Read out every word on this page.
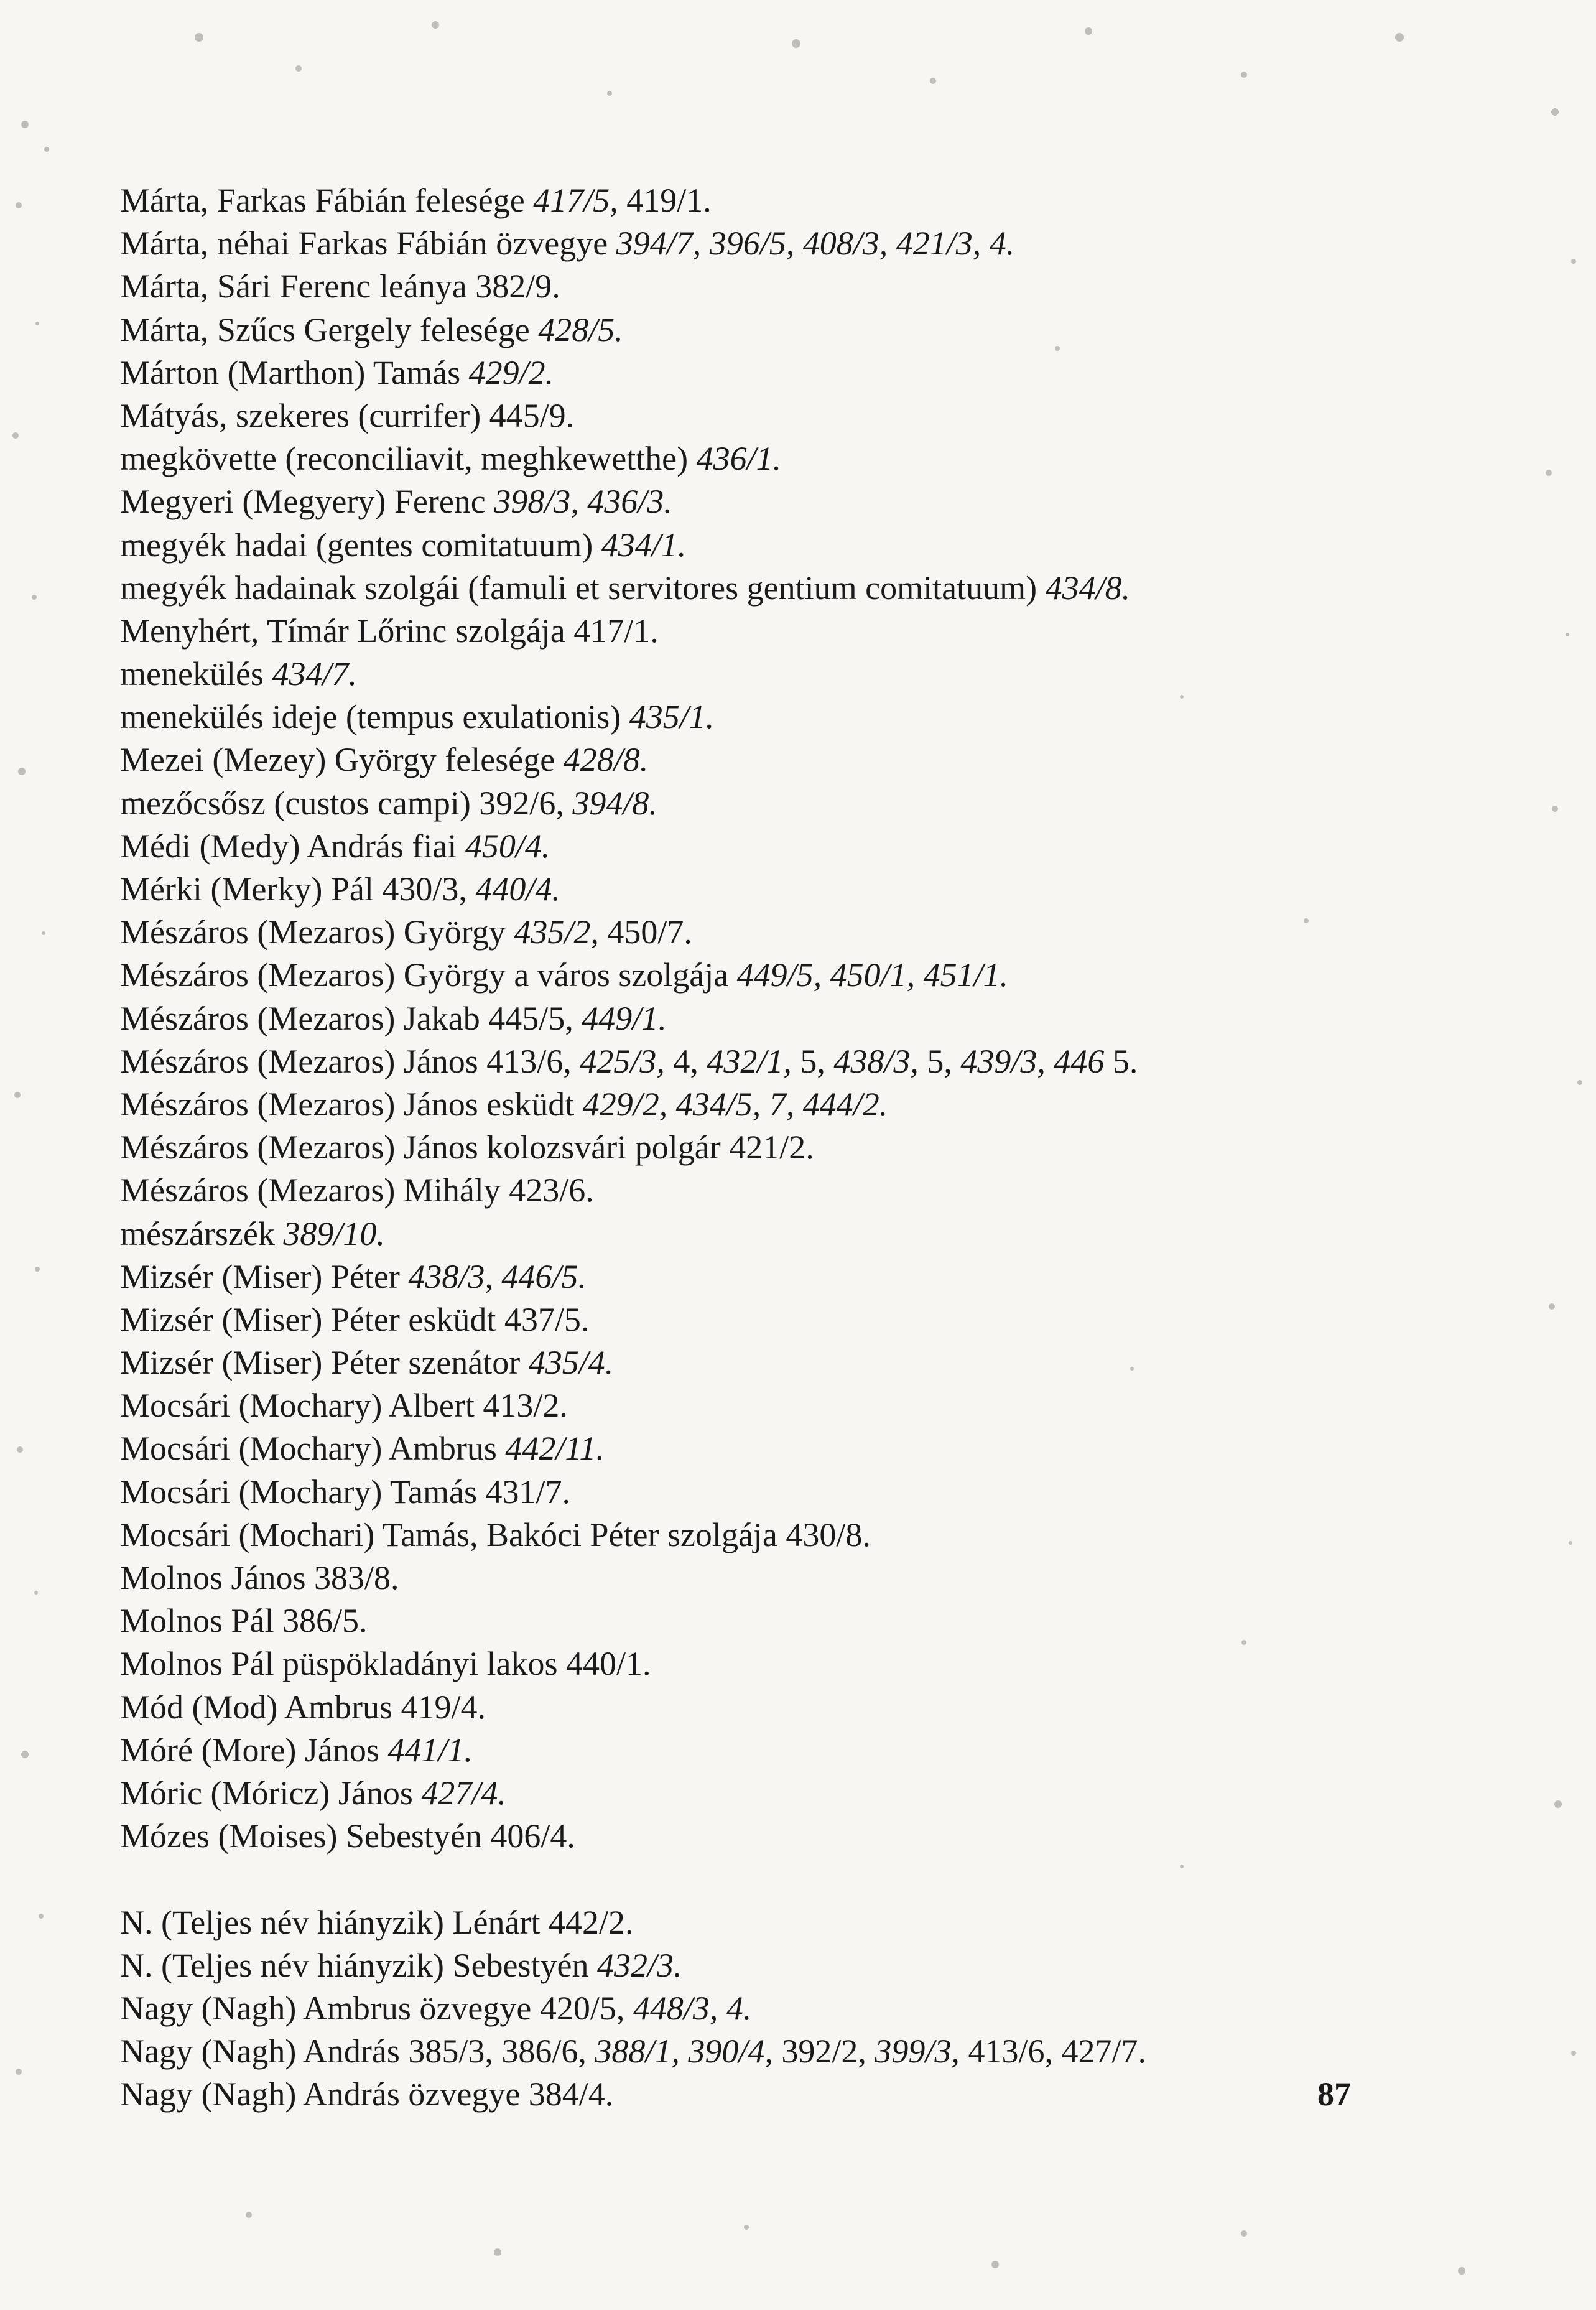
Márta, Farkas Fábián felesége 417/5, 419/1.
Márta, néhai Farkas Fábián özvegye 394/7, 396/5, 408/3, 421/3, 4.
Márta, Sári Ferenc leánya 382/9.
Márta, Szűcs Gergely felesége 428/5.
Márton (Marthon) Tamás 429/2.
Mátyás, szekeres (currifer) 445/9.
megkövette (reconciliavit, meghkewetthe) 436/1.
Megyeri (Megyery) Ferenc 398/3, 436/3.
megyék hadai (gentes comitatuum) 434/1.
megyék hadainak szolgái (famuli et servitores gentium comitatuum) 434/8.
Menyhért, Tímár Lőrinc szolgája 417/1.
menekülés 434/7.
menekülés ideje (tempus exulationis) 435/1.
Mezei (Mezey) György felesége 428/8.
mezőcsősz (custos campi) 392/6, 394/8.
Médi (Medy) András fiai 450/4.
Mérki (Merky) Pál 430/3, 440/4.
Mészáros (Mezaros) György 435/2, 450/7.
Mészáros (Mezaros) György a város szolgája 449/5, 450/1, 451/1.
Mészáros (Mezaros) Jakab 445/5, 449/1.
Mészáros (Mezaros) János 413/6, 425/3, 4, 432/1, 5, 438/3, 5, 439/3, 446 5.
Mészáros (Mezaros) János esküdt 429/2, 434/5, 7, 444/2.
Mészáros (Mezaros) János kolozsvári polgár 421/2.
Mészáros (Mezaros) Mihály 423/6.
mészárszék 389/10.
Mizsér (Miser) Péter 438/3, 446/5.
Mizsér (Miser) Péter esküdt 437/5.
Mizsér (Miser) Péter szenátor 435/4.
Mocsári (Mochary) Albert 413/2.
Mocsári (Mochary) Ambrus 442/11.
Mocsári (Mochary) Tamás 431/7.
Mocsári (Mochari) Tamás, Bakóci Péter szolgája 430/8.
Molnos János 383/8.
Molnos Pál 386/5.
Molnos Pál püspökladányi lakos 440/1.
Mód (Mod) Ambrus 419/4.
Móré (More) János 441/1.
Móric (Móricz) János 427/4.
Mózes (Moises) Sebestyén 406/4.
N. (Teljes név hiányzik) Lénárt 442/2.
N. (Teljes név hiányzik) Sebestyén 432/3.
Nagy (Nagh) Ambrus özvegye 420/5, 448/3, 4.
Nagy (Nagh) András 385/3, 386/6, 388/1, 390/4, 392/2, 399/3, 413/6, 427/7.
Nagy (Nagh) András özvegye 384/4.	87
